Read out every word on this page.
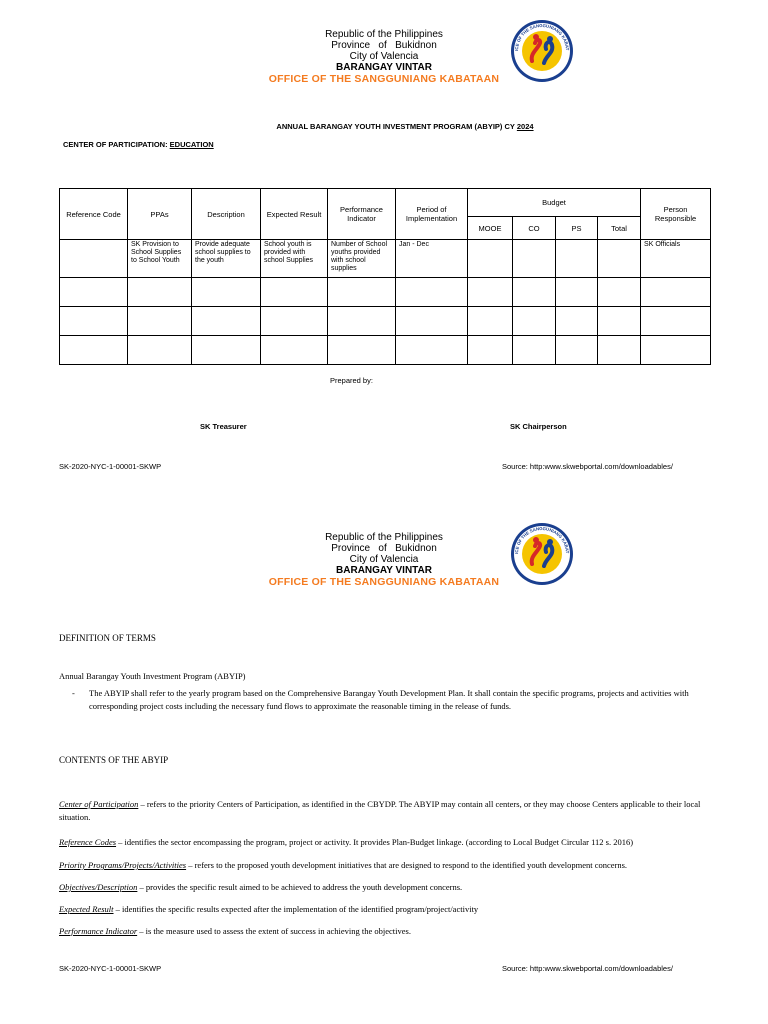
Republic of the Philippines
Province   of   Bukidnon
City of Valencia
BARANGAY VINTAR
OFFICE OF THE SANGGUNIANG KABATAAN
ICE OF THE SANGGUNIANG KABAT
ANNUAL BARANGAY YOUTH INVESTMENT PROGRAM (ABYIP) CY 2024
CENTER OF PARTICIPATION: EDUCATION
Reference Code	PPAs	Description	Expected Result	Performance Indicator	Period of Implementation	Budget				Person Responsible
						MOOE	CO	PS	Total	
	SK Provision to School Supplies to School Youth	Provide adequate school supplies to the youth	School youth is provided with school Supplies	Number of School youths provided with school supplies	Jan - Dec					SK Officials

Prepared by:
SK Treasurer	SK Chairperson
SK-2020-NYC-1-00001-SKWP	Source: http:www.skwebportal.com/downloadables/
Republic of the Philippines
Province   of   Bukidnon
City of Valencia
BARANGAY VINTAR
OFFICE OF THE SANGGUNIANG KABATAAN
ICE OF THE SANGGUNIANG KABAT
DEFINITION OF TERMS
Annual Barangay Youth Investment Program (ABYIP)
- The ABYIP shall refer to the yearly program based on the Comprehensive Barangay Youth Development Plan. It shall contain the specific programs, projects and activities with corresponding project costs including the necessary fund flows to approximate the reasonable timing in the release of funds.
CONTENTS OF THE ABYIP
Center of Participation – refers to the priority Centers of Participation, as identified in the CBYDP. The ABYIP may contain all centers, or they may choose Centers applicable to their local situation.
Reference Codes – identifies the sector encompassing the program, project or activity. It provides Plan-Budget linkage. (according to Local Budget Circular 112 s. 2016)
Priority Programs/Projects/Activities – refers to the proposed youth development initiatives that are designed to respond to the identified youth development concerns.
Objectives/Description – provides the specific result aimed to be achieved to address the youth development concerns.
Expected Result – identifies the specific results expected after the implementation of the identified program/project/activity
Performance Indicator – is the measure used to assess the extent of success in achieving the objectives.
SK-2020-NYC-1-00001-SKWP	Source: http:www.skwebportal.com/downloadables/
